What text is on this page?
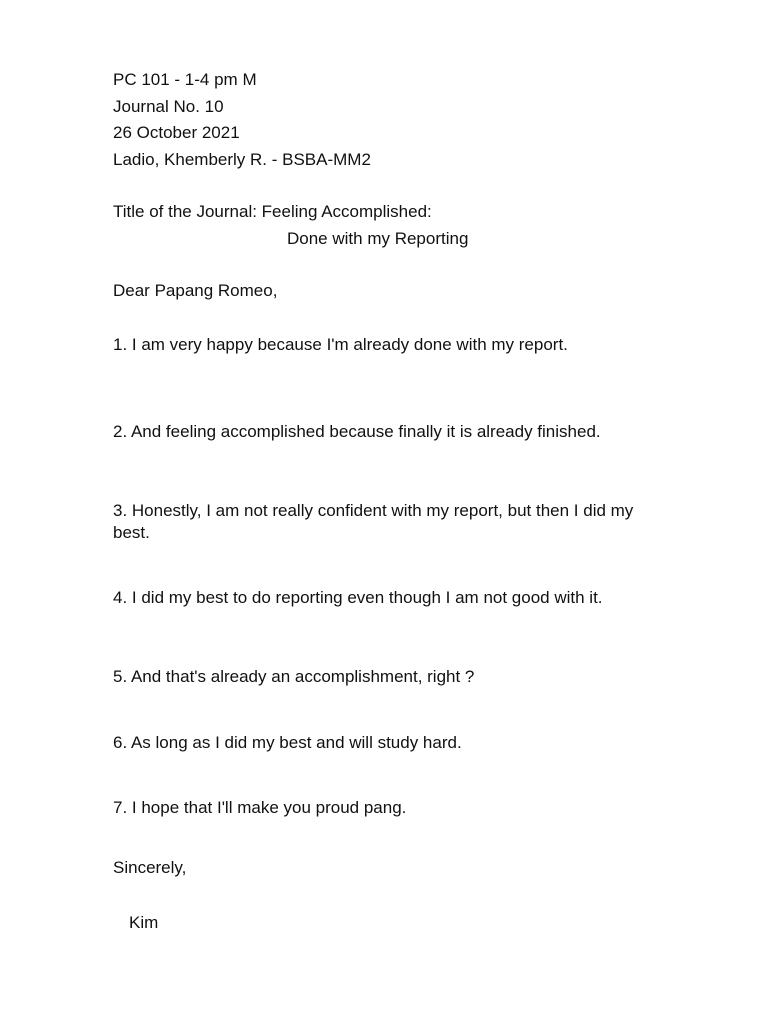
PC 101 - 1-4 pm M

Journal No. 10

26 October 2021

Ladio, Khemberly R. - BSBA-MM2

Title of the Journal: Feeling Accomplished:

Done with my Reporting

Dear Papang Romeo,

1. I am very happy because I'm already done with my report.

2. And feeling accomplished because finally it is already finished.

3. Honestly, I am not really confident with my report, but then I did my best.

4. I did my best to do reporting even though I am not good with it.

5. And that's already an accomplishment, right ?

6. As long as I did my best and will study hard.

7. I hope that I'll make you proud pang.

Sincerely,

Kim
